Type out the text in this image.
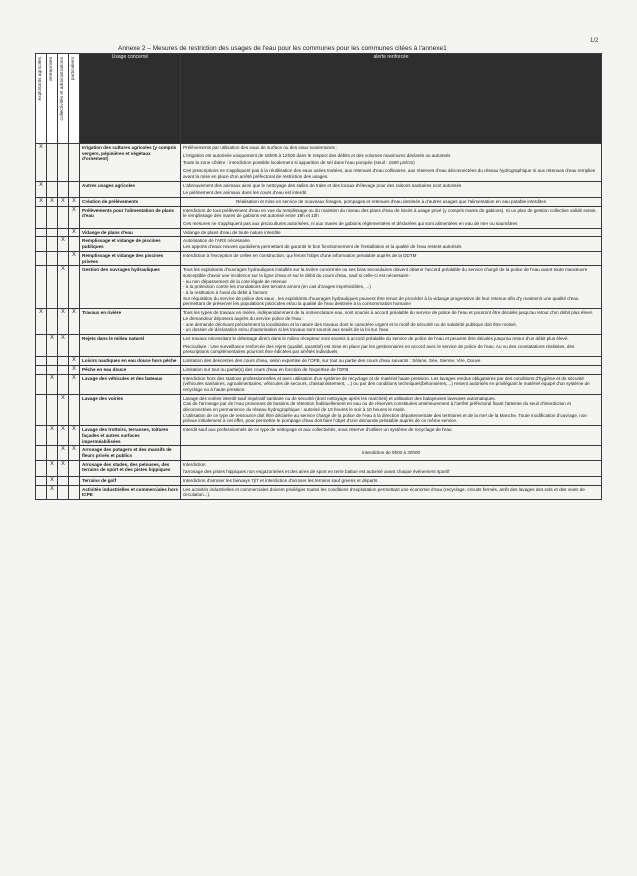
1/2
Annexe 2 – Mesures de restriction des usages de l'eau pour les communes pour les communes citées à l'annexe1
exploitants agricoles	entreprises	collectivités et administrations	particuliers	Usage concerné	alerte renforcée
X				Irrigation des cultures agricoles (y compris vergers, pépinières et végétaux d'ornement)	Prélèvements par utilisation des eaux de surface ou des eaux souterraines :

L'irrigation est autorisée uniquement de 18h00 à 12h00 dans le respect des débits et des volumes maximums déclarés ou autorisés

Toute la zone côtière : interdiction possible localement si apparition de sel dans l'eau pompée (seuil : 1500 µS/cm)

Ces prescriptions ne s'appliquent pas à la réutilisation des eaux usées traitées, aux retenues d'eau collinaires, aux réserves d'eau déconnectées du réseau hydrographique ni aux retenues d'eau remplies avant la mise en place d'un arrêté préfectoral de restriction des usages.

X				Autres usages agricoles	L'abreuvement des animaux ainsi que le nettoyage des salles de traite et des locaux d'élevage pour des raisons sanitaires sont autorisés

Le piétinement des animaux dans les cours d'eau est interdit

X	X	X	X	Création de prélèvements	Réalisation et mise en service de nouveaux forages, pompages et retenues d'eau destinés à d'autres usages que l'alimentation en eau potable interdites

			X	Prélèvements pour l'alimentation de plans d'eau	Interdiction de tout prélèvement d'eau en vue du remplissage ou du maintien du niveau des plans d'eau de loisirs à usage privé (y compris mares de gabions). Si un plan de gestion collective validé existe, le remplissage des mares de gabions est autorisé entre 19h et 10h

Ces mesures ne s'appliquent pas aux piscicultures autorisées, ni aux mares de gabions réglementées et déclarées qui sont alimentées en eau de mer ou saumâtres

			X	Vidange de plans d'eau	Vidange de plans d'eau de toute nature interdite

		X		Remplissage et vidange de piscines publiques	Autorisation de l'ARS nécessaire.
Les apports d'eaux neuves quotidiens permettant de garantir le bon fonctionnement de l'installation et la qualité de l'eau restent autorisés

			X	Remplissage et vidange des piscines privées	Interdiction à l'exception de celles en construction, qui feront l'objet d'une information préalable auprès de la DDTM

		X		Gestion des ouvrages hydrauliques	Tous les exploitants d'ouvrages hydrauliques installés sur la rivière concernée ou ses bras secondaires doivent obtenir l'accord préalable du service chargé de la police de l'eau avant toute manœuvre susceptible d'avoir une incidence sur la ligne d'eau et sur le débit du cours d'eau, sauf si celle-ci est nécessaire :
- au non dépassement de la cote légale de retenue
- à la protection contre les inondations des terrains amont (en cas d'orages imprévisibles, ...)
- à la restitution à l'aval du débit à l'amont
Sur réquisition du service de police des eaux , les exploitants d'ouvrages hydrauliques peuvent être tenus de procéder à la vidange progressive de leur retenue afin d'y maintenir une qualité d'eau permettant de préserver les populations piscicoles et/ou la qualité de l'eau destinée à la consommation humaine

X		X	X	Travaux en rivière	Tous les types de travaux en rivière, indépendamment de la nomenclature eau, sont soumis à accord préalable du service de police de l'eau et pourront être décalés jusqu'au retour d'un débit plus élevé. Le demandeur déposera auprès du service police de l'eau :
- une demande décrivant précisément la localisation et la nature des travaux dont le caractère urgent et le motif de sécurité ou de salubrité publique doit être motivé,
- un dossier de déclaration et/ou d'autorisation si les travaux sont soumis aux seuils de la loi sur l'eau

	X	X		Rejets dans le milieu naturel	Les travaux nécessitant le délestage direct dans le milieu récepteur sont soumis à accord préalable du service de police de l'eau et peuvent être décalés jusqu'au retour d'un débit plus élevé.

Pisciculture : Une surveillance renforcée des rejets (qualité, quantité) est mise en place par les gestionnaires en accord avec le service de police de l'eau. Au vu des constatations réalisées, des prescriptions complémentaires pourront être édictées par arrêtés individuels

			X	Loisirs nautiques en eau douce hors pêche	Limitation des descentes des cours d'eau, selon expertise de l'OFB, sur tout ou partie des cours d'eau suivants : Sélune, Sée, Sienne, Vire, Douve

			X	Pêche en eau douce	Limitation sur tout ou partie(s) des cours d'eau en fonction de l'expertise de l'OFB

	X		X	Lavage des véhicules et des bateaux	Interdiction hors des stations professionnelles et avec utilisation d'un système de recyclage et de matériel haute pression. Les lavages rendus obligatoires par des conditions d'hygiène et de sécurité (véhicules sanitaires, agroalimentaires, véhicules de secours, d'assainissement, ...) ou par des conditions techniques(bétonnières,...) restent autorisés en privilégiant le matériel équipé d'un système de recyclage ou à haute pression.

		X		Lavage des voiries	Lavage des voiries interdit sauf impératif sanitaire ou de sécurité (dont nettoyage après les marchés) et utilisation des balayeuses laveuses automatiques.
Cas de l'arrosage par de l'eau provenant de bassins de rétention habituellement en eau ou de réserves constituées antérieurement à l'arrêté préfectoral fixant l'atteinte du seuil d'interdiction et déconnectées en permanence du réseau hydrographique : autorisé de 19 heures le soir à 10 heures le matin.
L'utilisation de ce type de ressource doit être déclarée au service chargé de la police de l'eau à la direction départementale des territoires et de la mer de la Manche. Toute modification d'ouvrage, non prévue initialement à cet effet, pour permettre le pompage d'eau doit faire l'objet d'une demande préalable auprès de ce même service.

	X	X	X	Lavage des trottoirs, terrasses, toitures façades et autres surfaces imperméabilisées	Interdit sauf aux professionnels de ce type de nettoyage et aux collectivités, sous réserve d'utiliser un système de recyclage de l'eau

		X	X	Arrosage des potagers et des massifs de fleurs privés et publics	Interdiction de 9h00 à 20h00

	X	X		Arrosage des stades, des pelouses, des terrains de sport et des pistes hippiques	Interdiction

l'arrosage des pistes hippiques non engazonnées et des aires de sport en terre battue est autorisé avant chaque événement sportif

	X			Terrains de golf	Interdiction d'arroser les fairways 7j/7 et interdiction d'arroser les terrains sauf greens et départs

	X			Activités industrielles et commerciales hors ICPE	Les activités industrielles et commerciales doivent privilégier toutes les conditions d'exploitation permettant une économie d'eau (recyclage, circuits fermés, arrêt des lavages des sols et des voies de circulation...).
